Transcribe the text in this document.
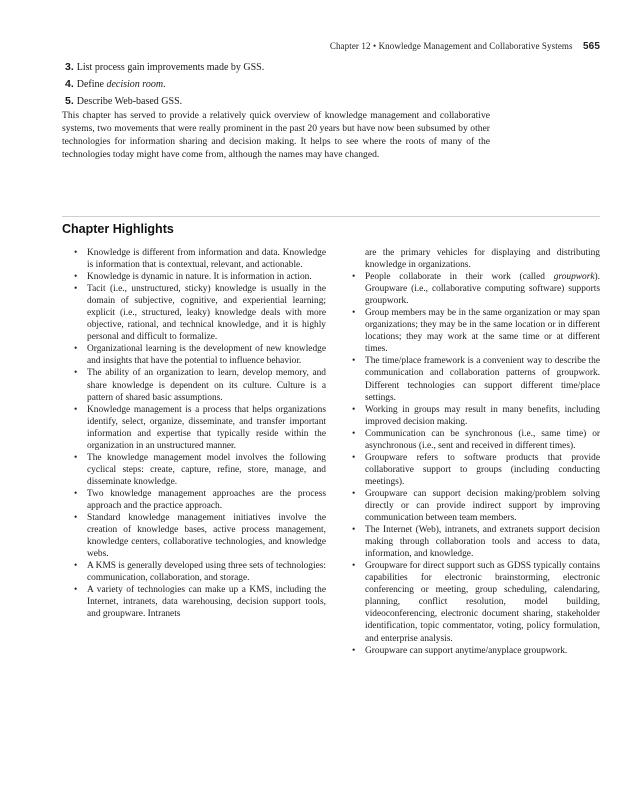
Chapter 12 • Knowledge Management and Collaborative Systems 565
3. List process gain improvements made by GSS.
4. Define decision room.
5. Describe Web-based GSS.

This chapter has served to provide a relatively quick overview of knowledge management and collaborative systems, two movements that were really prominent in the past 20 years but have now been subsumed by other technologies for information sharing and decision making. It helps to see where the roots of many of the technologies today might have come from, although the names may have changed.

Chapter Highlights
• Knowledge is different from information and data. Knowledge is information that is contextual, relevant, and actionable.
• Knowledge is dynamic in nature. It is information in action.
• Tacit (i.e., unstructured, sticky) knowledge is usually in the domain of subjective, cognitive, and experiential learning; explicit (i.e., structured, leaky) knowledge deals with more objective, rational, and technical knowledge, and it is highly personal and difficult to formalize.
• Organizational learning is the development of new knowledge and insights that have the potential to influence behavior.
• The ability of an organization to learn, develop memory, and share knowledge is dependent on its culture. Culture is a pattern of shared basic assumptions.
• Knowledge management is a process that helps organizations identify, select, organize, disseminate, and transfer important information and expertise that typically reside within the organization in an unstructured manner.
• The knowledge management model involves the following cyclical steps: create, capture, refine, store, manage, and disseminate knowledge.
• Two knowledge management approaches are the process approach and the practice approach.
• Standard knowledge management initiatives involve the creation of knowledge bases, active process management, knowledge centers, collaborative technologies, and knowledge webs.
• A KMS is generally developed using three sets of technologies: communication, collaboration, and storage.
• A variety of technologies can make up a KMS, including the Internet, intranets, data warehousing, decision support tools, and groupware. Intranets
are the primary vehicles for displaying and distributing knowledge in organizations.
• People collaborate in their work (called groupwork). Groupware (i.e., collaborative computing software) supports groupwork.
• Group members may be in the same organization or may span organizations; they may be in the same location or in different locations; they may work at the same time or at different times.
• The time/place framework is a convenient way to describe the communication and collaboration patterns of groupwork. Different technologies can support different time/place settings.
• Working in groups may result in many benefits, including improved decision making.
• Communication can be synchronous (i.e., same time) or asynchronous (i.e., sent and received in different times).
• Groupware refers to software products that provide collaborative support to groups (including conducting meetings).
• Groupware can support decision making/problem solving directly or can provide indirect support by improving communication between team members.
• The Internet (Web), intranets, and extranets support decision making through collaboration tools and access to data, information, and knowledge.
• Groupware for direct support such as GDSS typically contains capabilities for electronic brainstorming, electronic conferencing or meeting, group scheduling, calendaring, planning, conflict resolution, model building, videoconferencing, electronic document sharing, stakeholder identification, topic commentator, voting, policy formulation, and enterprise analysis.
• Groupware can support anytime/anyplace groupwork.
